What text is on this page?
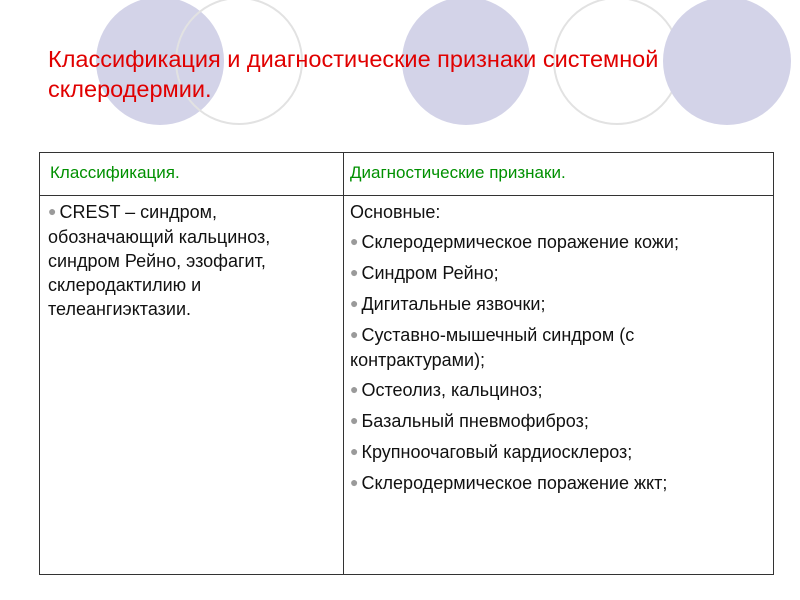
Классификация и диагностические признаки системной склеродермии.
Классификация.	Диагностические признаки.
● CREST – синдром, обозначающий кальциноз, синдром Рейно, эзофагит, склеродактилию и телеангиэктазии.
Основные:
● Склеродермическое поражение кожи;
● Синдром Рейно;
● Дигитальные язвочки;
● Суставно-мышечный синдром (с контрактурами);
● Остеолиз, кальциноз;
● Базальный пневмофиброз;
● Крупноочаговый кардиосклероз;
● Склеродермическое поражение жкт;
